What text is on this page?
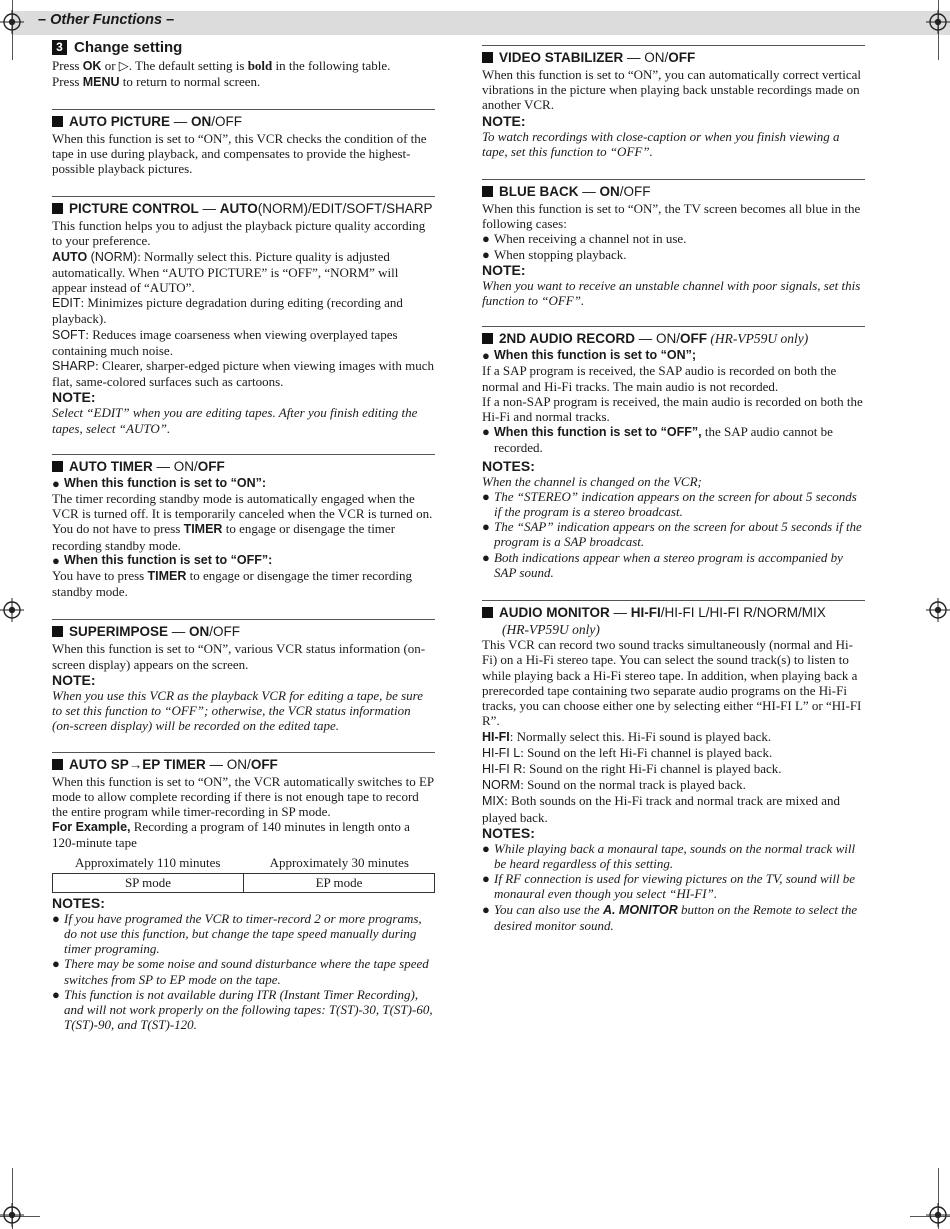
– Other Functions –
3 Change setting

Press OK or ▷. The default setting is bold in the following table.

Press MENU to return to normal screen.

AUTO PICTURE — ON/OFF

When this function is set to “ON”, this VCR checks the condition of the tape in use during playback, and compensates to provide the highest-possible playback pictures.

PICTURE CONTROL — AUTO(NORM)/EDIT/SOFT/SHARP

This function helps you to adjust the playback picture quality according to your preference.

AUTO (NORM): Normally select this. Picture quality is adjusted automatically. When “AUTO PICTURE” is “OFF”, “NORM” will appear instead of “AUTO”.

EDIT: Minimizes picture degradation during editing (recording and playback).

SOFT: Reduces image coarseness when viewing overplayed tapes containing much noise.

SHARP: Clearer, sharper-edged picture when viewing images with much flat, same-colored surfaces such as cartoons.

NOTE:

Select “EDIT” when you are editing tapes. After you finish editing the tapes, select “AUTO”.

AUTO TIMER — ON/OFF
● When this function is set to “ON”:

The timer recording standby mode is automatically engaged when the VCR is turned off. It is temporarily canceled when the VCR is turned on. You do not have to press TIMER to engage or disengage the timer recording standby mode.

● When this function is set to “OFF”:

You have to press TIMER to engage or disengage the timer recording standby mode.

SUPERIMPOSE — ON/OFF

When this function is set to “ON”, various VCR status information (on-screen display) appears on the screen.

NOTE:

When you use this VCR as the playback VCR for editing a tape, be sure to set this function to “OFF”; otherwise, the VCR status information (on-screen display) will be recorded on the edited tape.

AUTO SP→EP TIMER — ON/OFF

When this function is set to “ON”, the VCR automatically switches to EP mode to allow complete recording if there is not enough tape to record the entire program while timer-recording in SP mode.

For Example, Recording a program of 140 minutes in length onto a 120-minute tape

Approximately 110 minutes	Approximately 30 minutes
SP mode	EP mode
NOTES:
● If you have programed the VCR to timer-record 2 or more programs, do not use this function, but change the tape speed manually during timer programing.
● There may be some noise and sound disturbance where the tape speed switches from SP to EP mode on the tape.
● This function is not available during ITR (Instant Timer Recording), and will not work properly on the following tapes: T(ST)-30, T(ST)-60, T(ST)-90, and T(ST)-120.
VIDEO STABILIZER — ON/OFF

When this function is set to “ON”, you can automatically correct vertical vibrations in the picture when playing back unstable recordings made on another VCR.

NOTE:

To watch recordings with close-caption or when you finish viewing a tape, set this function to “OFF”.

BLUE BACK — ON/OFF

When this function is set to “ON”, the TV screen becomes all blue in the following cases:

● When receiving a channel not in use.
● When stopping playback.
NOTE:

When you want to receive an unstable channel with poor signals, set this function to “OFF”.

2ND AUDIO RECORD — ON/OFF (HR-VP59U only)
● When this function is set to “ON”;

If a SAP program is received, the SAP audio is recorded on both the normal and Hi-Fi tracks. The main audio is not recorded.

If a non-SAP program is received, the main audio is recorded on both the Hi-Fi and normal tracks.

● When this function is set to “OFF”, the SAP audio cannot be recorded.
NOTES:

When the channel is changed on the VCR;

● The “STEREO” indication appears on the screen for about 5 seconds if the program is a stereo broadcast.
● The “SAP” indication appears on the screen for about 5 seconds if the program is a SAP broadcast.
● Both indications appear when a stereo program is accompanied by SAP sound.
AUDIO MONITOR — HI-FI/HI-FI L/HI-FI R/NORM/MIX
(HR-VP59U only)

This VCR can record two sound tracks simultaneously (normal and Hi-Fi) on a Hi-Fi stereo tape. You can select the sound track(s) to listen to while playing back a Hi-Fi stereo tape. In addition, when playing back a prerecorded tape containing two separate audio programs on the Hi-Fi tracks, you can choose either one by selecting either “HI-FI L” or “HI-FI R”.

HI-FI: Normally select this. Hi-Fi sound is played back.

HI-FI L: Sound on the left Hi-Fi channel is played back.

HI-FI R: Sound on the right Hi-Fi channel is played back.

NORM: Sound on the normal track is played back.

MIX: Both sounds on the Hi-Fi track and normal track are mixed and played back.

NOTES:
● While playing back a monaural tape, sounds on the normal track will be heard regardless of this setting.
● If RF connection is used for viewing pictures on the TV, sound will be monaural even though you select “HI-FI”.
● You can also use the A. MONITOR button on the Remote to select the desired monitor sound.
